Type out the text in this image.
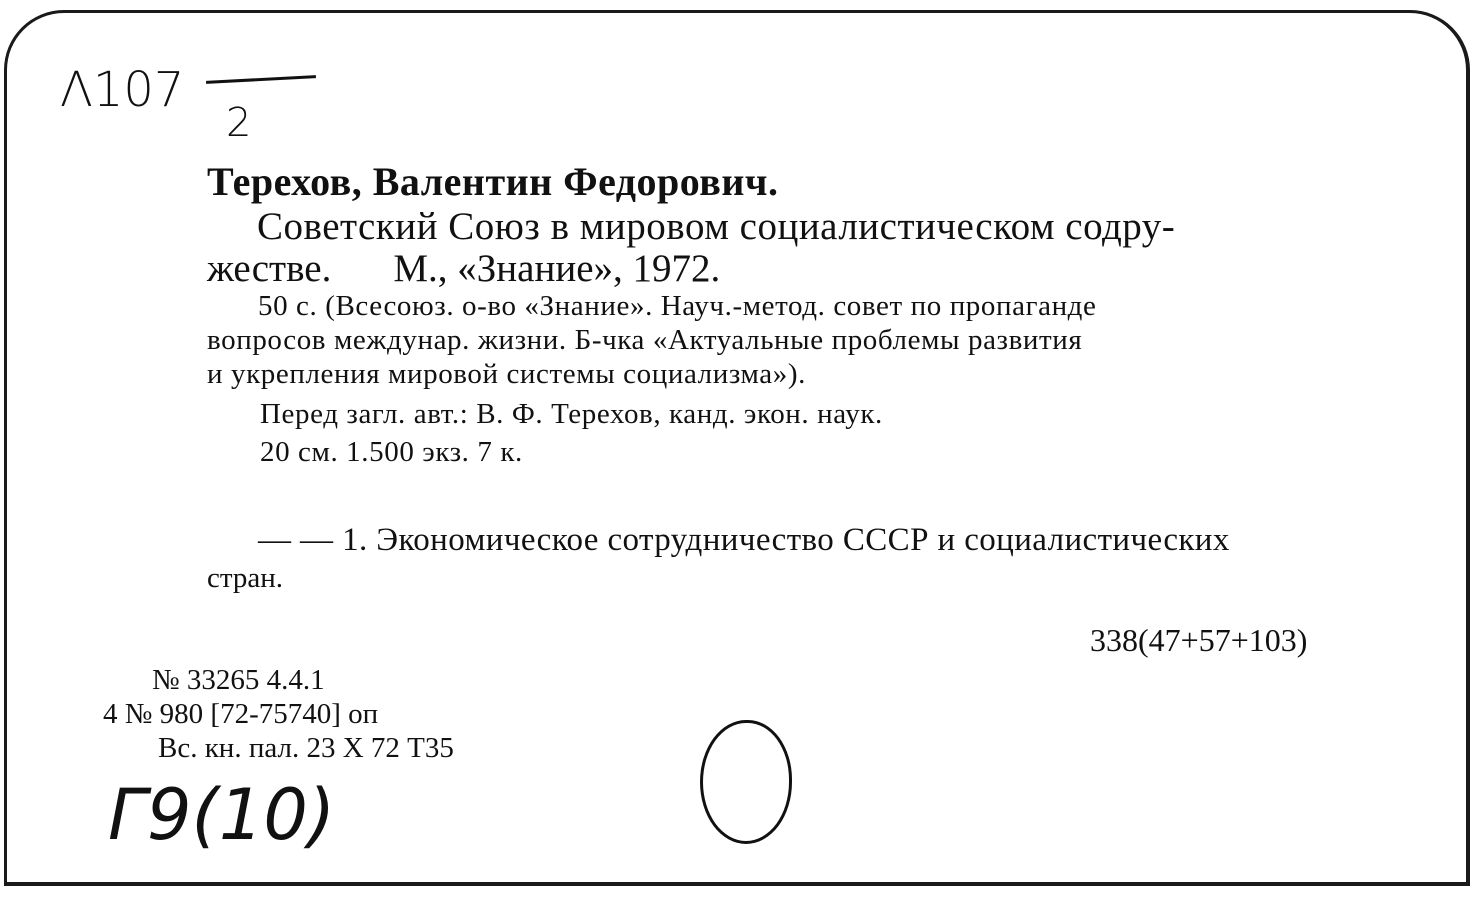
Λ107
2
Терехов, Валентин Федорович.
Советский Союз в мировом социалистическом содру-
жестве. М., «Знание», 1972.
50 с. (Всесоюз. о-во «Знание». Науч.-метод. совет по пропаганде
вопросов междунар. жизни. Б-чка «Актуальные проблемы развития
и укрепления мировой системы социализма»).
Перед загл. авт.: В. Ф. Терехов, канд. экон. наук.
20 см. 1.500 экз. 7 к.
— — 1. Экономическое сотрудничество СССР и социалистических
стран.
338(47+57+103)
№ 33265 4.4.1
4 № 980 [72-75740] оп
Вс. кн. пал. 23 X 72 Т35
Г9(10)
